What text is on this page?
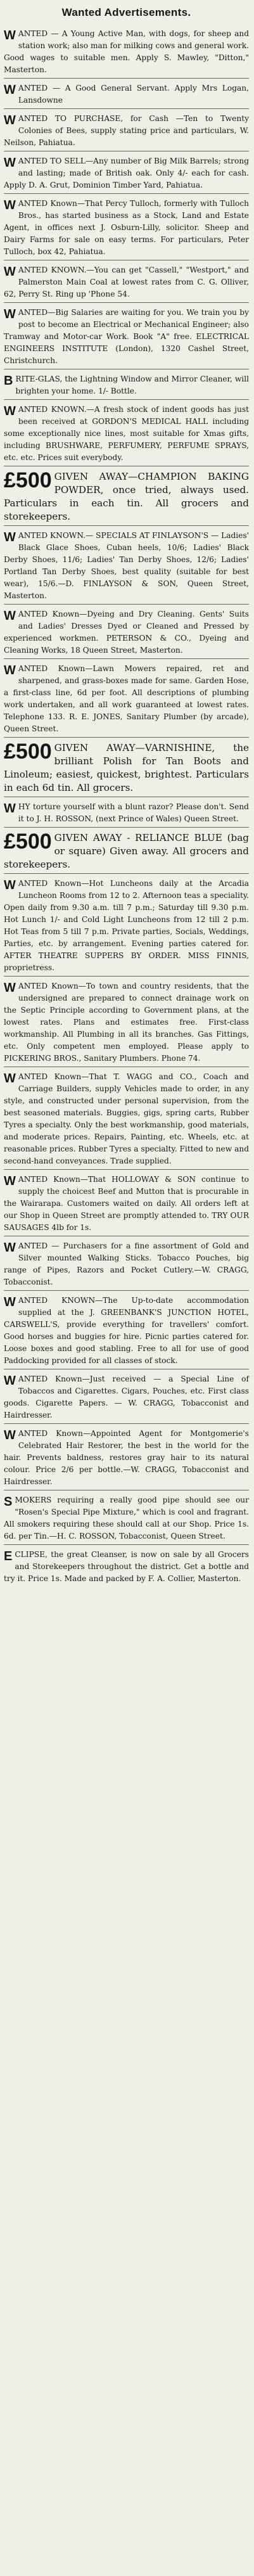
Wanted Advertisements.
WANTED — A Young Active Man, with dogs, for sheep and station work; also man for milking cows and general work. Good wages to suitable men. Apply S. Mawley, "Ditton," Masterton.
WANTED — A Good General Servant. Apply Mrs Logan, Lansdowne
WANTED TO PURCHASE, for Cash —Ten to Twenty Colonies of Bees, supply stating price and particulars, W. Neilson, Pahiatua.
WANTED TO SELL—Any number of Big Milk Barrels; strong and lasting; made of British oak. Only 4/- each for cash. Apply D. A. Grut, Dominion Timber Yard, Pahiatua.
WANTED Known—That Percy Tulloch, formerly with Tulloch Bros., has started business as a Stock, Land and Estate Agent, in offices next J. Osburn-Lilly, solicitor. Sheep and Dairy Farms for sale on easy terms. For particulars, Peter Tulloch, box 42, Pahiatua.
WANTED KNOWN.—You can get "Cassell," "Westport," and Palmerston Main Coal at lowest rates from C. G. Olliver, 62, Perry St. Ring up 'Phone 54.
WANTED—Big Salaries are waiting for you. We train you by post to become an Electrical or Mechanical Engineer; also Tramway and Motor-car Work. Book "A" free. ELECTRICAL ENGINEERS INSTITUTE (London), 1320 Cashel Street, Christchurch.
BRITE-GLAS, the Lightning Window and Mirror Cleaner, will brighten your home. 1/- Bottle.
WANTED KNOWN.—A fresh stock of indent goods has just been received at GORDON'S MEDICAL HALL including some exceptionally nice lines, most suitable for Xmas gifts, including BRUSHWARE, PERFUMERY, PERFUME SPRAYS, etc. etc. Prices suit everybody.
£500 GIVEN AWAY—CHAMPION BAKING POWDER, once tried, always used. Particulars in each tin. All grocers and storekeepers.
WANTED KNOWN.— SPECIALS AT FINLAYSON'S — Ladies' Black Glace Shoes, Cuban heels, 10/6; Ladies' Black Derby Shoes, 11/6; Ladies' Tan Derby Shoes, 12/6; Ladies' Portland Tan Derby Shoes, best quality (suitable for best wear), 15/6.—D. FINLAYSON & SON, Queen Street, Masterton.
WANTED Known—Dyeing and Dry Cleaning. Gents' Suits and Ladies' Dresses Dyed or Cleaned and Pressed by experienced workmen. PETERSON & CO., Dyeing and Cleaning Works, 18 Queen Street, Masterton.
WANTED Known—Lawn Mowers repaired, ret and sharpened, and grass-boxes made for same. Garden Hose, a first-class line, 6d per foot. All descriptions of plumbing work undertaken, and all work guaranteed at lowest rates. Telephone 133. R. E. JONES, Sanitary Plumber (by arcade), Queen Street.
£500 GIVEN AWAY—VARNISHINE, the brilliant Polish for Tan Boots and Linoleum; easiest, quickest, brightest. Particulars in each 6d tin. All grocers.
WHY torture yourself with a blunt razor? Please don't. Send it to J. H. ROSSON, (next Prince of Wales) Queen Street.
£500 GIVEN AWAY - RELIANCE BLUE (bag or square) Given away. All grocers and storekeepers.
WANTED Known—Hot Luncheons daily at the Arcadia Luncheon Rooms from 12 to 2. Afternoon teas a speciality. Open daily from 9.30 a.m. till 7 p.m.; Saturday till 9.30 p.m. Hot Lunch 1/- and Cold Light Luncheons from 12 till 2 p.m. Hot Teas from 5 till 7 p.m. Private parties, Socials, Weddings, Parties, etc. by arrangement. Evening parties catered for. AFTER THEATRE SUPPERS BY ORDER. MISS FINNIS, proprietress.
WANTED Known—To town and country residents, that the undersigned are prepared to connect drainage work on the Septic Principle according to Government plans, at the lowest rates. Plans and estimates free. First-class workmanship. All Plumbing in all its branches. Gas Fittings, etc. Only competent men employed. Please apply to PICKERING BROS., Sanitary Plumbers. Phone 74.
WANTED Known—That T. WAGG and CO., Coach and Carriage Builders, supply Vehicles made to order, in any style, and constructed under personal supervision, from the best seasoned materials. Buggies, gigs, spring carts, Rubber Tyres a specialty. Only the best workmanship, good materials, and moderate prices. Repairs, Painting, etc. Wheels, etc. at reasonable prices. Rubber Tyres a specialty. Fitted to new and second-hand conveyances. Trade supplied.
WANTED Known—That HOLLOWAY & SON continue to supply the choicest Beef and Mutton that is procurable in the Wairarapa. Customers waited on daily. All orders left at our Shop in Queen Street are promptly attended to. TRY OUR SAUSAGES 4lb for 1s.
WANTED — Purchasers for a fine assortment of Gold and Silver mounted Walking Sticks. Tobacco Pouches, big range of Pipes, Razors and Pocket Cutlery.—W. CRAGG, Tobacconist.
WANTED KNOWN—The Up-to-date accommodation supplied at the J. GREENBANK'S JUNCTION HOTEL, CARSWELL'S, provide everything for travellers' comfort. Good horses and buggies for hire. Picnic parties catered for. Loose boxes and good stabling. Free to all for use of good Paddocking provided for all classes of stock.
WANTED Known—Just received — a Special Line of Tobaccos and Cigarettes. Cigars, Pouches, etc. First class goods. Cigarette Papers. — W. CRAGG, Tobacconist and Hairdresser.
WANTED Known—Appointed Agent for Montgomerie's Celebrated Hair Restorer, the best in the world for the hair. Prevents baldness, restores gray hair to its natural colour. Price 2/6 per bottle.—W. CRAGG, Tobacconist and Hairdresser.
SMOKERS requiring a really good pipe should see our "Rosen's Special Pipe Mixture," which is cool and fragrant. All smokers requiring these should call at our Shop. Price 1s. 6d. per Tin.—H. C. ROSSON, Tobacconist, Queen Street.
ECLIPSE, the great Cleanser, is now on sale by all Grocers and Storekeepers throughout the district. Get a bottle and try it. Price 1s. Made and packed by F. A. Collier, Masterton.
